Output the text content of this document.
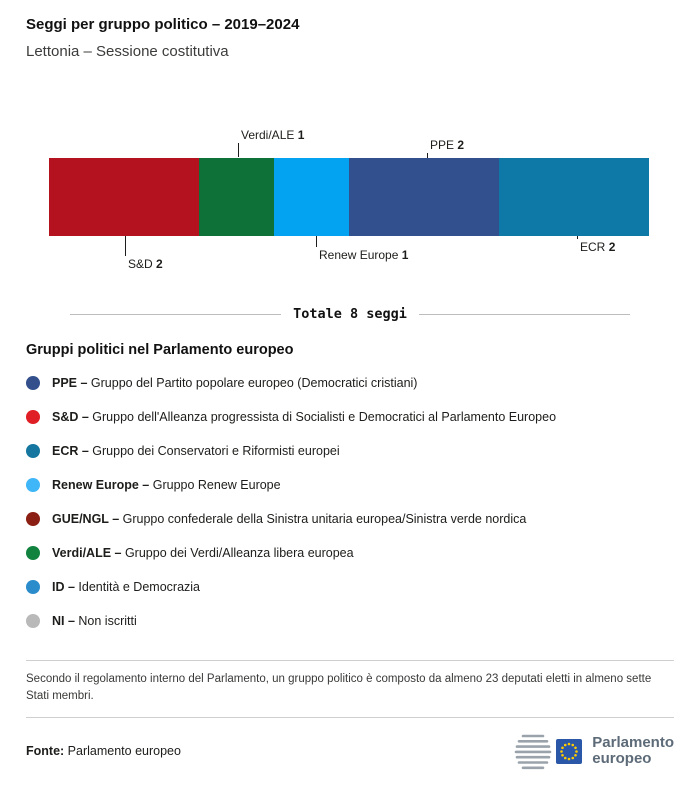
Seggi per gruppo politico – 2019–2024
Lettonia – Sessione costitutiva
Verdi/ALE 1
PPE 2
S&D 2
Renew Europe 1
ECR 2
Totale 8 seggi
Gruppi politici nel Parlamento europeo
PPE – Gruppo del Partito popolare europeo (Democratici cristiani)
S&D – Gruppo dell'Alleanza progressista di Socialisti e Democratici al Parlamento Europeo
ECR – Gruppo dei Conservatori e Riformisti europei
Renew Europe – Gruppo Renew Europe
GUE/NGL – Gruppo confederale della Sinistra unitaria europea/Sinistra verde nordica
Verdi/ALE – Gruppo dei Verdi/Alleanza libera europea
ID – Identità e Democrazia
NI – Non iscritti
Secondo il regolamento interno del Parlamento, un gruppo politico è composto da almeno 23 deputati eletti in almeno sette Stati membri.
Fonte: Parlamento europeo	Parlamento
europeo
